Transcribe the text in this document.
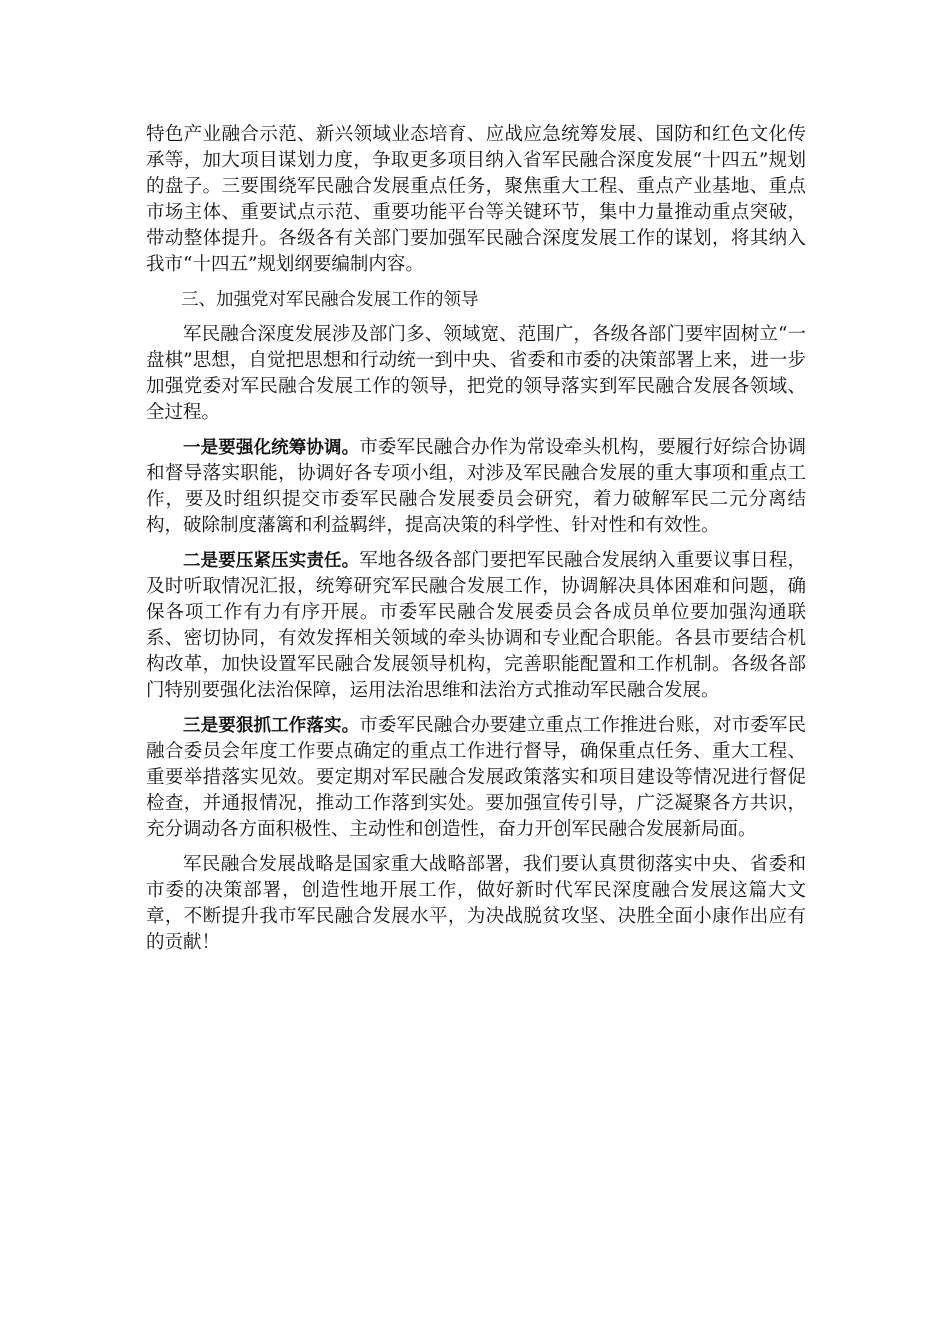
特色产业融合示范、新兴领域业态培育、应战应急统筹发展、国防和红色文化传承等，加大项目谋划力度，争取更多项目纳入省军民融合深度发展“十四五”规划的盘子。三要围绕军民融合发展重点任务，聚焦重大工程、重点产业基地、重点市场主体、重要试点示范、重要功能平台等关键环节，集中力量推动重点突破，带动整体提升。各级各有关部门要加强军民融合深度发展工作的谋划，将其纳入我市“十四五”规划纲要编制内容。

三、加强党对军民融合发展工作的领导

军民融合深度发展涉及部门多、领域宽、范围广，各级各部门要牢固树立“一盘棋”思想，自觉把思想和行动统一到中央、省委和市委的决策部署上来，进一步加强党委对军民融合发展工作的领导，把党的领导落实到军民融合发展各领域、全过程。

一是要强化统筹协调。市委军民融合办作为常设牵头机构，要履行好综合协调和督导落实职能，协调好各专项小组，对涉及军民融合发展的重大事项和重点工作，要及时组织提交市委军民融合发展委员会研究，着力破解军民二元分离结构，破除制度藩篱和利益羁绊，提高决策的科学性、针对性和有效性。

二是要压紧压实责任。军地各级各部门要把军民融合发展纳入重要议事日程，及时听取情况汇报，统筹研究军民融合发展工作，协调解决具体困难和问题，确保各项工作有力有序开展。市委军民融合发展委员会各成员单位要加强沟通联系、密切协同，有效发挥相关领域的牵头协调和专业配合职能。各县市要结合机构改革，加快设置军民融合发展领导机构，完善职能配置和工作机制。各级各部门特别要强化法治保障，运用法治思维和法治方式推动军民融合发展。

三是要狠抓工作落实。市委军民融合办要建立重点工作推进台账，对市委军民融合委员会年度工作要点确定的重点工作进行督导，确保重点任务、重大工程、重要举措落实见效。要定期对军民融合发展政策落实和项目建设等情况进行督促检查，并通报情况，推动工作落到实处。要加强宣传引导，广泛凝聚各方共识，充分调动各方面积极性、主动性和创造性，奋力开创军民融合发展新局面。

军民融合发展战略是国家重大战略部署，我们要认真贯彻落实中央、省委和市委的决策部署，创造性地开展工作，做好新时代军民深度融合发展这篇大文章，不断提升我市军民融合发展水平，为决战脱贫攻坚、决胜全面小康作出应有的贡献！
